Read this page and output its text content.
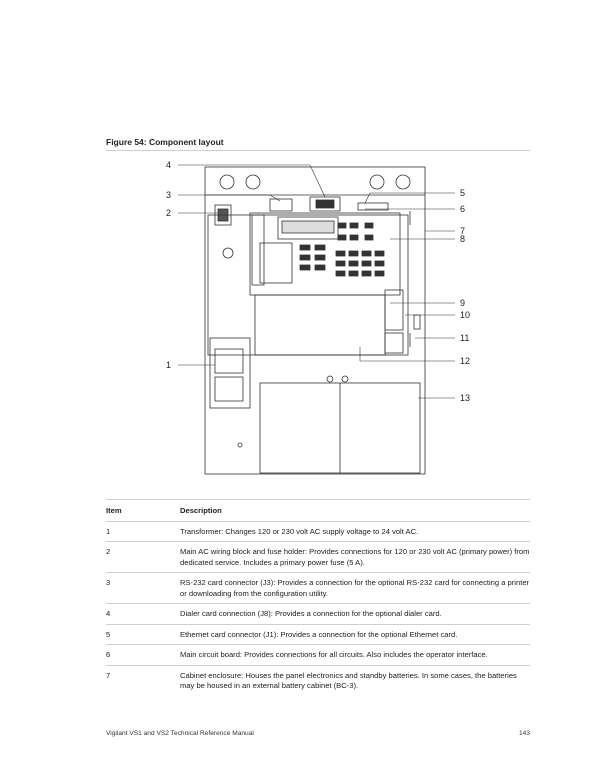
Figure 54: Component layout
4
3
2
1
5
6
7
8
9
10
11
12
13
Item	Description
1	Transformer: Changes 120 or 230 volt AC supply voltage to 24 volt AC.
2	Main AC wiring block and fuse holder: Provides connections for 120 or 230 volt AC (primary power) from dedicated service. Includes a primary power fuse (5 A).
3	RS-232 card connector (J3): Provides a connection for the optional RS-232 card for connecting a printer or downloading from the configuration utility.
4	Dialer card connection (J8): Provides a connection for the optional dialer card.
5	Ethernet card connector (J1): Provides a connection for the optional Ethernet card.
6	Main circuit board: Provides connections for all circuits. Also includes the operator interface.
7	Cabinet enclosure: Houses the panel electronics and standby batteries. In some cases, the batteries may be housed in an external battery cabinet (BC-3).
Vigilant VS1 and VS2 Technical Reference Manual	143
